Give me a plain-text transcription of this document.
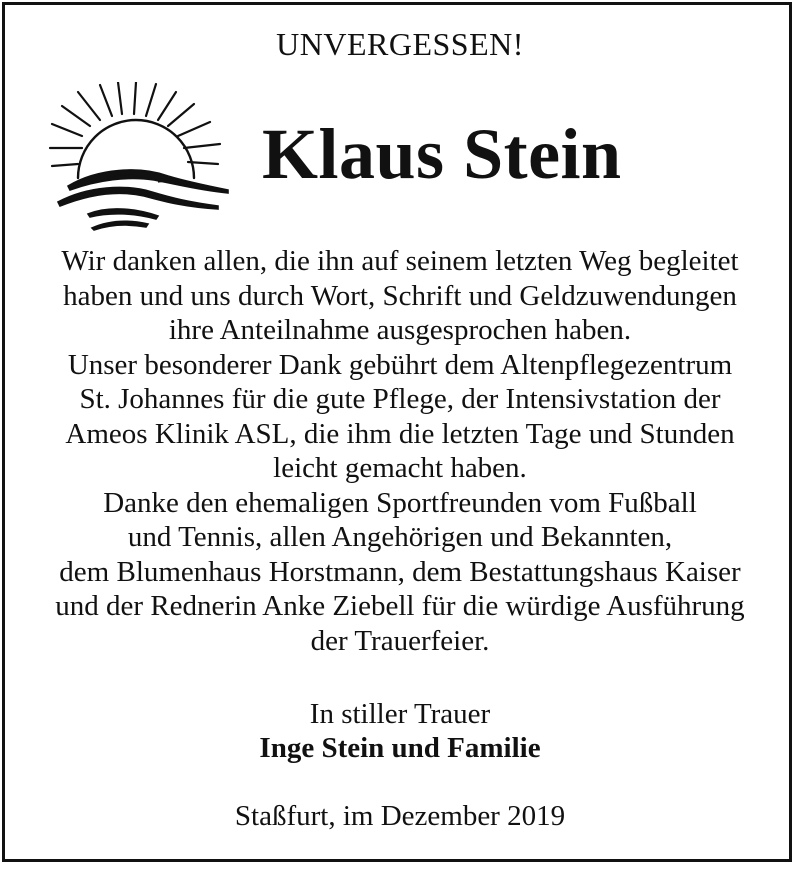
UNVERGESSEN!
Klaus Stein
Wir danken allen, die ihn auf seinem letzten Weg begleitet
haben und uns durch Wort, Schrift und Geldzuwendungen
ihre Anteilnahme ausgesprochen haben.
Unser besonderer Dank gebührt dem Altenpflegezentrum
St. Johannes für die gute Pflege, der Intensivstation der
Ameos Klinik ASL, die ihm die letzten Tage und Stunden
leicht gemacht haben.
Danke den ehemaligen Sportfreunden vom Fußball
und Tennis, allen Angehörigen und Bekannten,
dem Blumenhaus Horstmann, dem Bestattungshaus Kaiser
und der Rednerin Anke Ziebell für die würdige Ausführung
der Trauerfeier.
In stiller Trauer
Inge Stein und Familie
Staßfurt, im Dezember 2019
